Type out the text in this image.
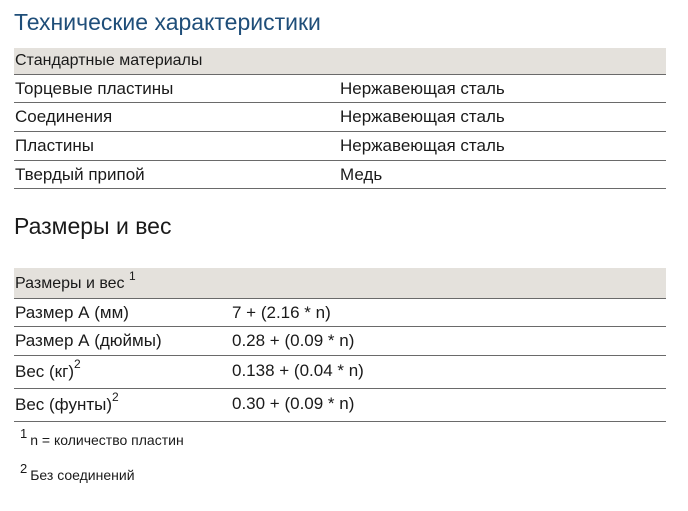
Технические характеристики
Стандартные материалы
Торцевые пластины	Нержавеющая сталь
Соединения	Нержавеющая сталь
Пластины	Нержавеющая сталь
Твердый припой	Медь
Размеры и вес
Размеры и вес $^1$
Размер А (мм)	7 + (2.16 * n)
Размер А (дюймы)	0.28 + (0.09 * n)
Вес (кг)$^2$	0.138 + (0.04 * n)
Вес (фунты)$^2$	0.30 + (0.09 * n)
$^1$ n = количество пластин
$^2$ Без соединений
